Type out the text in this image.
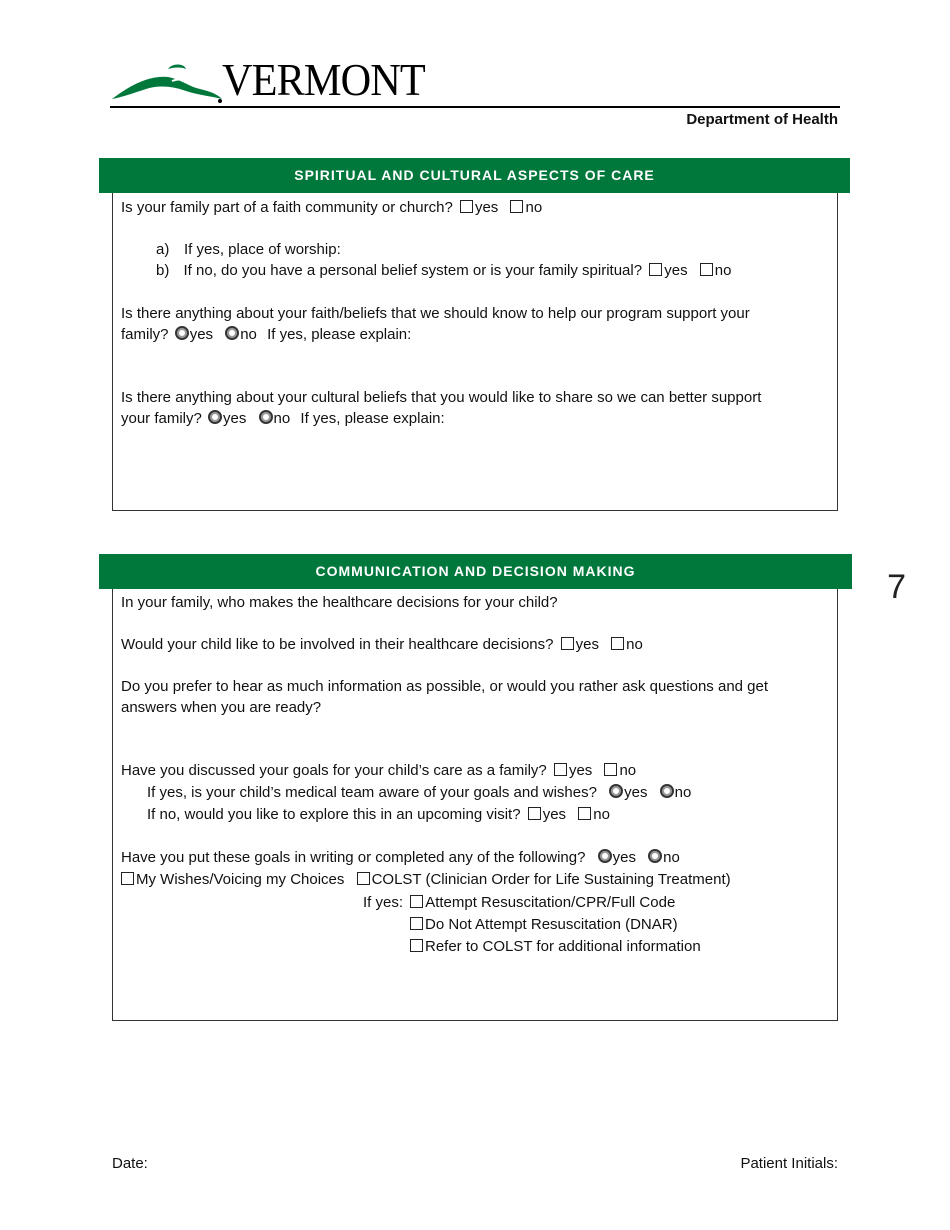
VERMONT
Department of Health
SPIRITUAL AND CULTURAL ASPECTS OF CARE
Is your family part of a faith community or church? yes no
a) If yes, place of worship:
b) If no, do you have a personal belief system or is your family spiritual? yes no
Is there anything about your faith/beliefs that we should know to help our program support your
family? yes no If yes, please explain:
Is there anything about your cultural beliefs that you would like to share so we can better support
your family? yes no If yes, please explain:
COMMUNICATION AND DECISION MAKING	7
In your family, who makes the healthcare decisions for your child?
Would your child like to be involved in their healthcare decisions? yes no
Do you prefer to hear as much information as possible, or would you rather ask questions and get
answers when you are ready?
Have you discussed your goals for your child’s care as a family? yes no
If yes, is your child’s medical team aware of your goals and wishes? yes no
If no, would you like to explore this in an upcoming visit? yes no
Have you put these goals in writing or completed any of the following? yes no
My Wishes/Voicing my Choices COLST (Clinician Order for Life Sustaining Treatment)
If yes: Attempt Resuscitation/CPR/Full Code
Do Not Attempt Resuscitation (DNAR)
Refer to COLST for additional information
Date:	Patient Initials:
